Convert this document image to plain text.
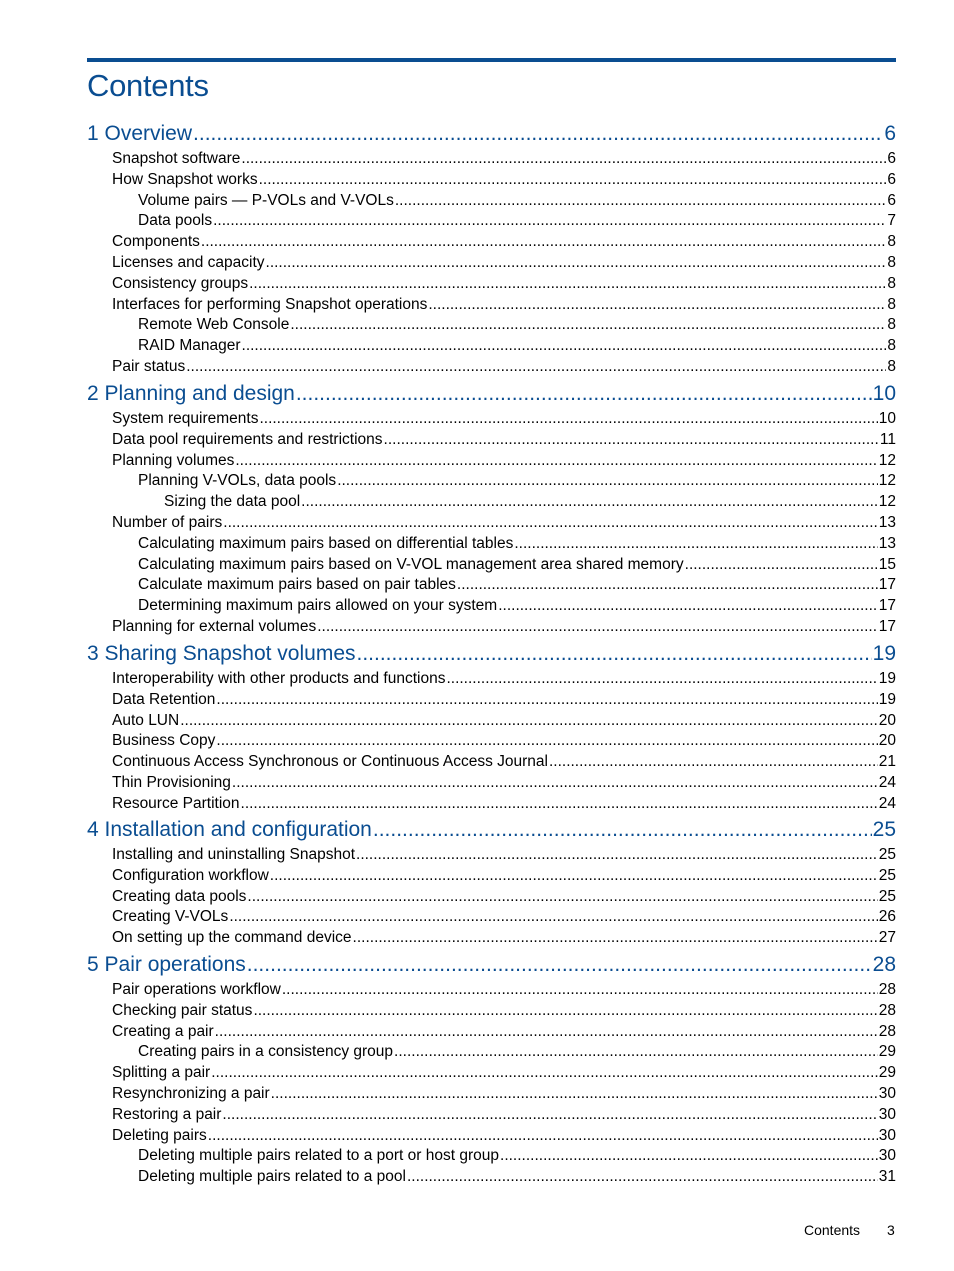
Contents
1 Overview .....	6
Snapshot software .....	6
How Snapshot works .....	6
Volume pairs — P-VOLs and V-VOLs .....	6
Data pools .....	7
Components .....	8
Licenses and capacity .....	8
Consistency groups .....	8
Interfaces for performing Snapshot operations .....	8
Remote Web Console .....	8
RAID Manager .....	8
Pair status .....	8
2 Planning and design .....	10
System requirements .....	10
Data pool requirements and restrictions .....	11
Planning volumes .....	12
Planning V-VOLs, data pools .....	12
Sizing the data pool .....	12
Number of pairs .....	13
Calculating maximum pairs based on differential tables .....	13
Calculating maximum pairs based on V-VOL management area shared memory .....	15
Calculate maximum pairs based on pair tables .....	17
Determining maximum pairs allowed on your system .....	17
Planning for external volumes .....	17
3 Sharing Snapshot volumes .....	19
Interoperability with other products and functions .....	19
Data Retention .....	19
Auto LUN .....	20
Business Copy .....	20
Continuous Access Synchronous or Continuous Access Journal .....	21
Thin Provisioning .....	24
Resource Partition .....	24
4 Installation and configuration .....	25
Installing and uninstalling Snapshot .....	25
Configuration workflow .....	25
Creating data pools .....	25
Creating V-VOLs .....	26
On setting up the command device .....	27
5 Pair operations .....	28
Pair operations workflow .....	28
Checking pair status .....	28
Creating a pair .....	28
Creating pairs in a consistency group .....	29
Splitting a pair .....	29
Resynchronizing a pair .....	30
Restoring a pair .....	30
Deleting pairs .....	30
Deleting multiple pairs related to a port or host group .....	30
Deleting multiple pairs related to a pool .....	31
Contents 3
